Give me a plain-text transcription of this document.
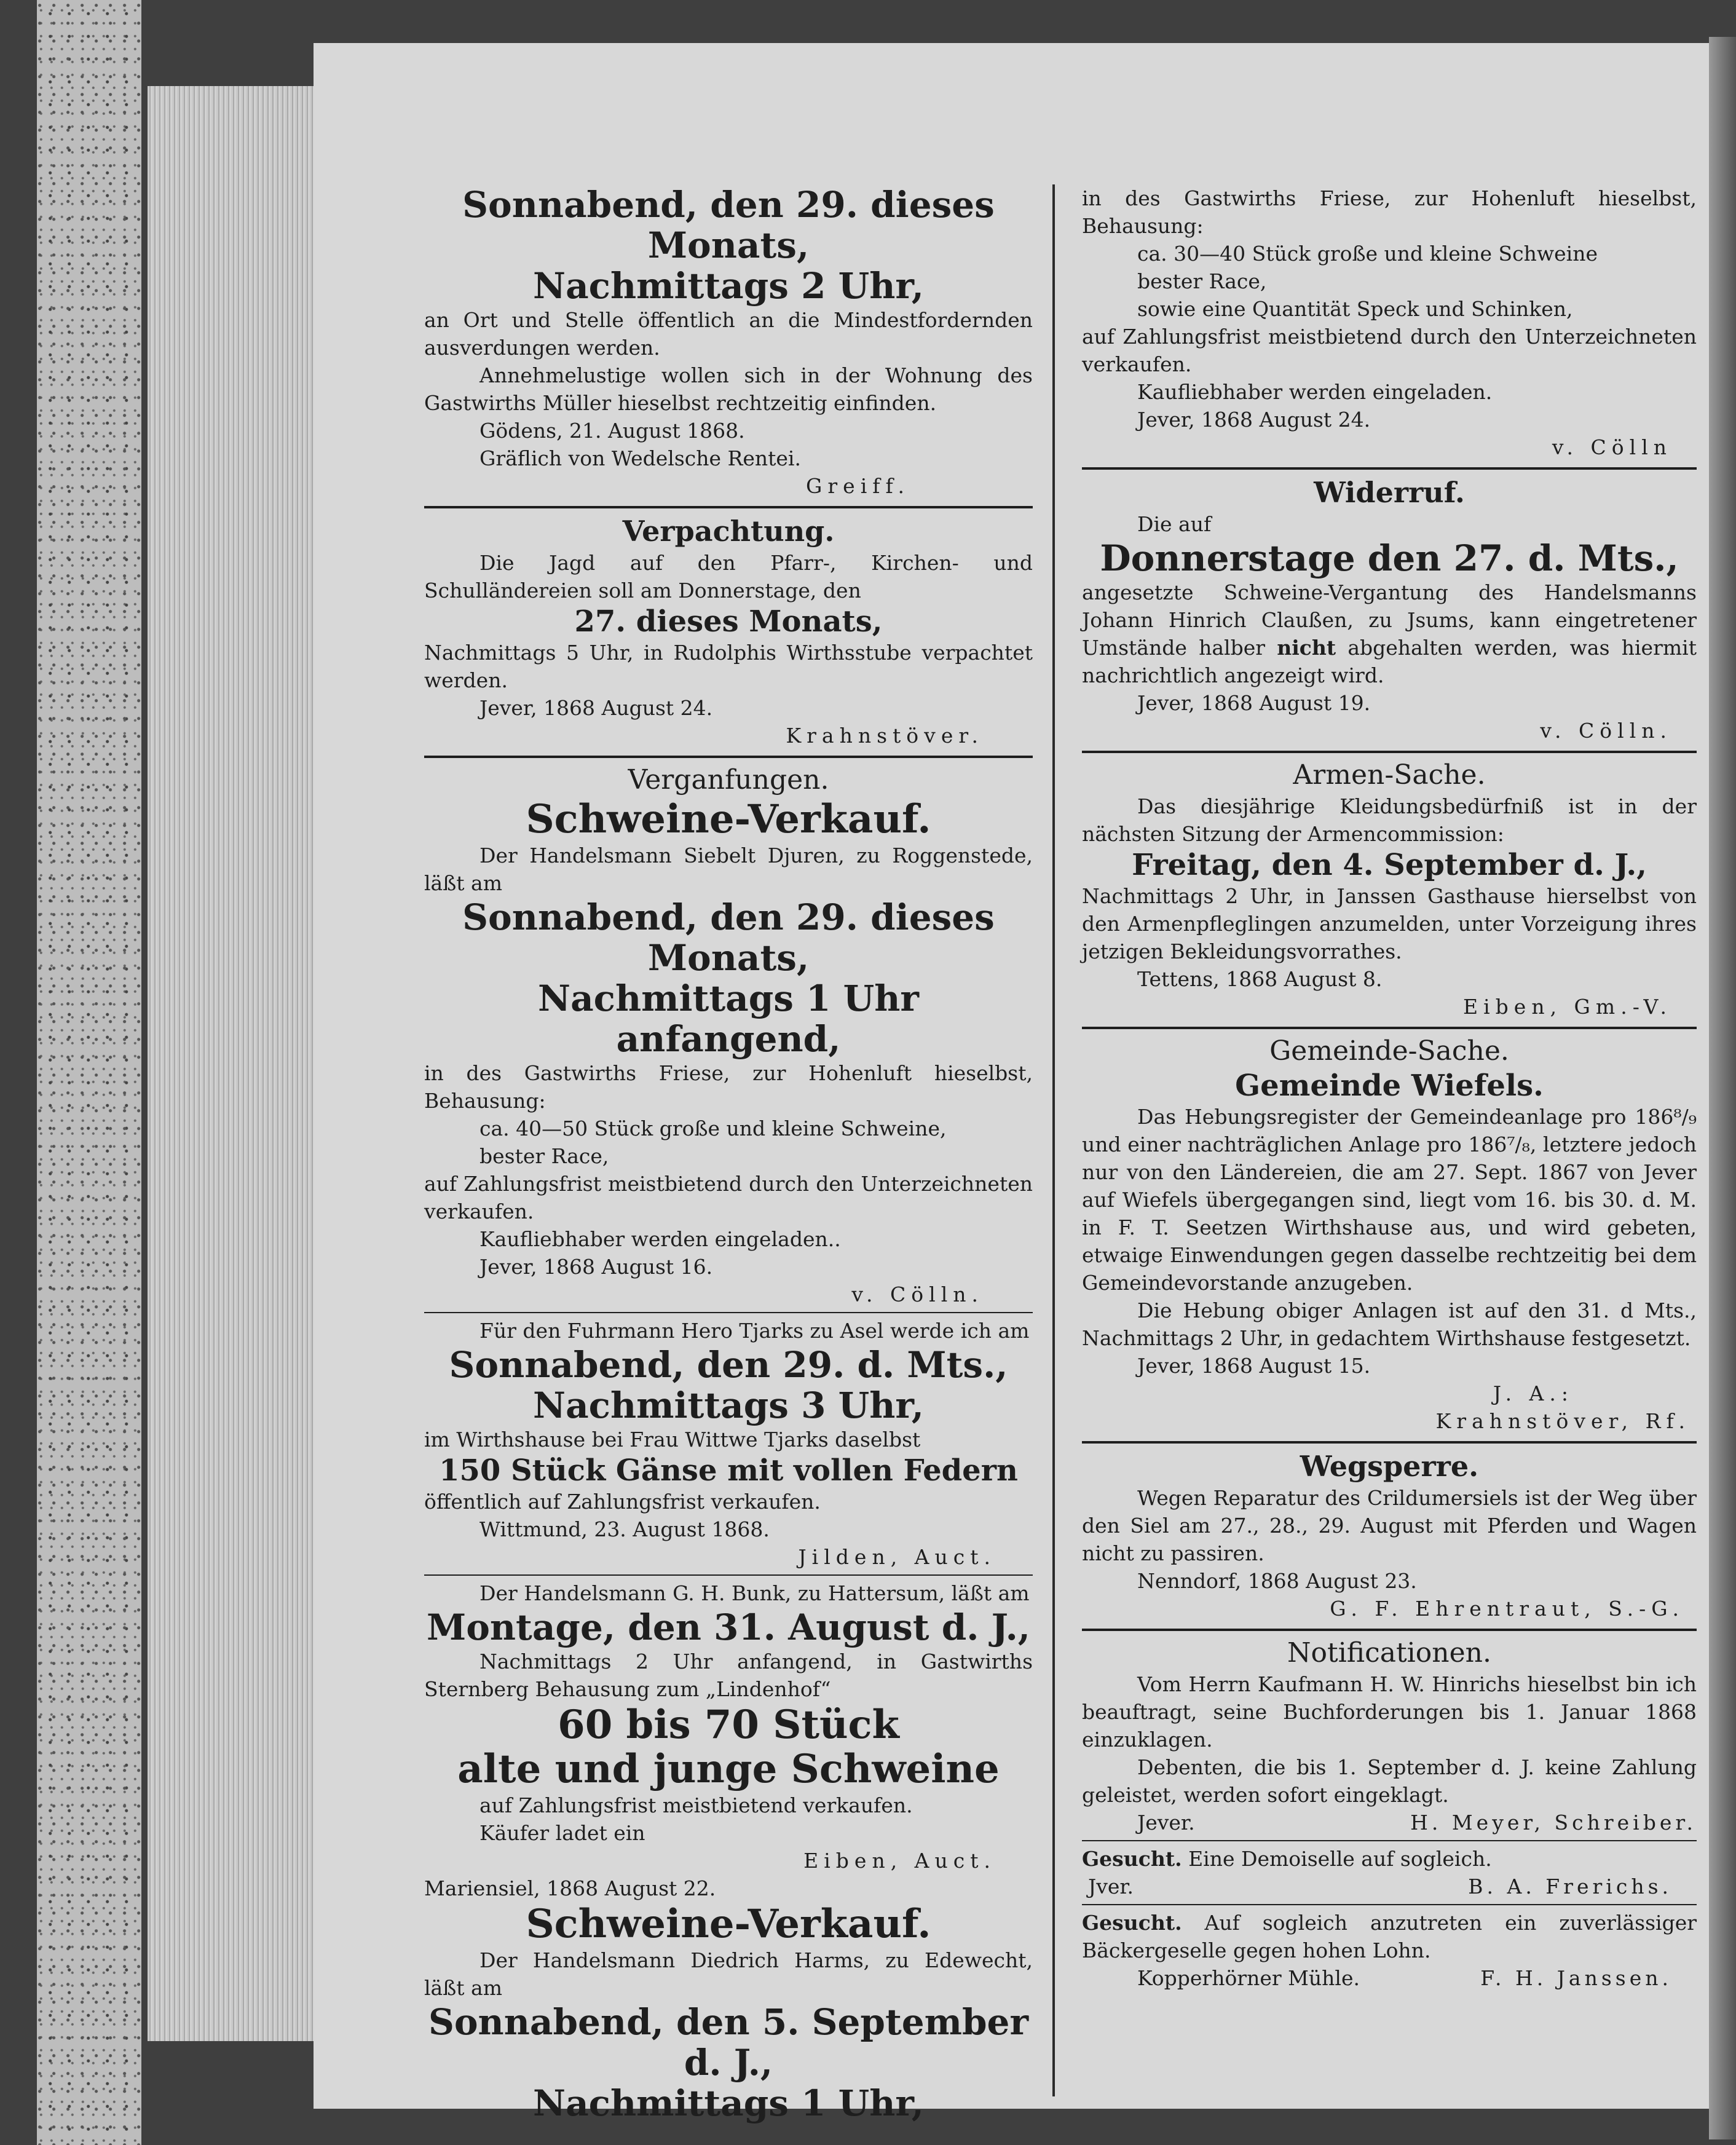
Sonnabend, den 29. dieses Monats,

Nachmittags 2 Uhr,

an Ort und Stelle öffentlich an die Mindestfordernden ausverdungen werden.

Annehmelustige wollen sich in der Wohnung des Gastwirths Müller hieselbst rechtzeitig einfinden.

Gödens, 21. August 1868.

Gräflich von Wedelsche Rentei.

Greiff.

Verpachtung.

Die Jagd auf den Pfarr-, Kirchen- und Schulländereien soll am Donnerstage, den

27. dieses Monats,

Nachmittags 5 Uhr, in Rudolphis Wirthsstube verpachtet werden.

Jever, 1868 August 24.

Krahnstöver.

Verganfungen.

Schweine-Verkauf.

Der Handelsmann Siebelt Djuren, zu Roggenstede, läßt am

Sonnabend, den 29. dieses Monats,

Nachmittags 1 Uhr anfangend,

in des Gastwirths Friese, zur Hohenluft hieselbst, Behausung:

ca. 40—50 Stück große und kleine Schweine,

bester Race,

auf Zahlungsfrist meistbietend durch den Unterzeichneten verkaufen.

Kaufliebhaber werden eingeladen..

Jever, 1868 August 16.

v. Cölln.

Für den Fuhrmann Hero Tjarks zu Asel werde ich am

Sonnabend, den 29. d. Mts.,

Nachmittags 3 Uhr,

im Wirthshause bei Frau Wittwe Tjarks daselbst

150 Stück Gänse mit vollen Federn

öffentlich auf Zahlungsfrist verkaufen.

Wittmund, 23. August 1868.

Jilden, Auct.

Der Handelsmann G. H. Bunk, zu Hattersum, läßt am

Montage, den 31. August d. J.,

Nachmittags 2 Uhr anfangend, in Gastwirths Sternberg Behausung zum „Lindenhof“

60 bis 70 Stück

alte und junge Schweine

auf Zahlungsfrist meistbietend verkaufen.

Käufer ladet ein

Eiben, Auct.

Mariensiel, 1868 August 22.

Schweine-Verkauf.

Der Handelsmann Diedrich Harms, zu Edewecht, läßt am

Sonnabend, den 5. September d. J.,

Nachmittags 1 Uhr,

in des Gastwirths Friese, zur Hohenluft hieselbst, Behausung:

ca. 30—40 Stück große und kleine Schweine

bester Race,

sowie eine Quantität Speck und Schinken,

auf Zahlungsfrist meistbietend durch den Unterzeichneten verkaufen.

Kaufliebhaber werden eingeladen.

Jever, 1868 August 24.

v. Cölln

Widerruf.

Die auf

Donnerstage den 27. d. Mts.,

angesetzte Schweine-Vergantung des Handelsmanns Johann Hinrich Claußen, zu Jsums, kann eingetretener Umstände halber nicht abgehalten werden, was hiermit nachrichtlich angezeigt wird.

Jever, 1868 August 19.

v. Cölln.

Armen-Sache.

Das diesjährige Kleidungsbedürfniß ist in der nächsten Sitzung der Armencommission:

Freitag, den 4. September d. J.,

Nachmittags 2 Uhr, in Janssen Gasthause hierselbst von den Armenpfleglingen anzumelden, unter Vorzeigung ihres jetzigen Bekleidungsvorrathes.

Tettens, 1868 August 8.

Eiben, Gm.-V.

Gemeinde-Sache.

Gemeinde Wiefels.

Das Hebungsregister der Gemeindeanlage pro 186⁸/₉ und einer nachträglichen Anlage pro 186⁷/₈, letztere jedoch nur von den Ländereien, die am 27. Sept. 1867 von Jever auf Wiefels übergegangen sind, liegt vom 16. bis 30. d. M. in F. T. Seetzen Wirthshause aus, und wird gebeten, etwaige Einwendungen gegen dasselbe rechtzeitig bei dem Gemeindevorstande anzugeben.

Die Hebung obiger Anlagen ist auf den 31. d Mts., Nachmittags 2 Uhr, in gedachtem Wirthshause festgesetzt.

Jever, 1868 August 15.

J. A.:

Krahnstöver, Rf.

Wegsperre.

Wegen Reparatur des Crildumersiels ist der Weg über den Siel am 27., 28., 29. August mit Pferden und Wagen nicht zu passiren.

Nenndorf, 1868 August 23.

G. F. Ehrentraut, S.-G.

Notificationen.

Vom Herrn Kaufmann H. W. Hinrichs hieselbst bin ich beauftragt, seine Buchforderungen bis 1. Januar 1868 einzuklagen.

Debenten, die bis 1. September d. J. keine Zahlung geleistet, werden sofort eingeklagt.

Jever.	H. Meyer, Schreiber.

Gesucht. Eine Demoiselle auf sogleich.

Jver.	B. A. Frerichs.

Gesucht. Auf sogleich anzutreten ein zuverlässiger Bäckergeselle gegen hohen Lohn.

Kopperhörner Mühle.	F. H. Janssen.
